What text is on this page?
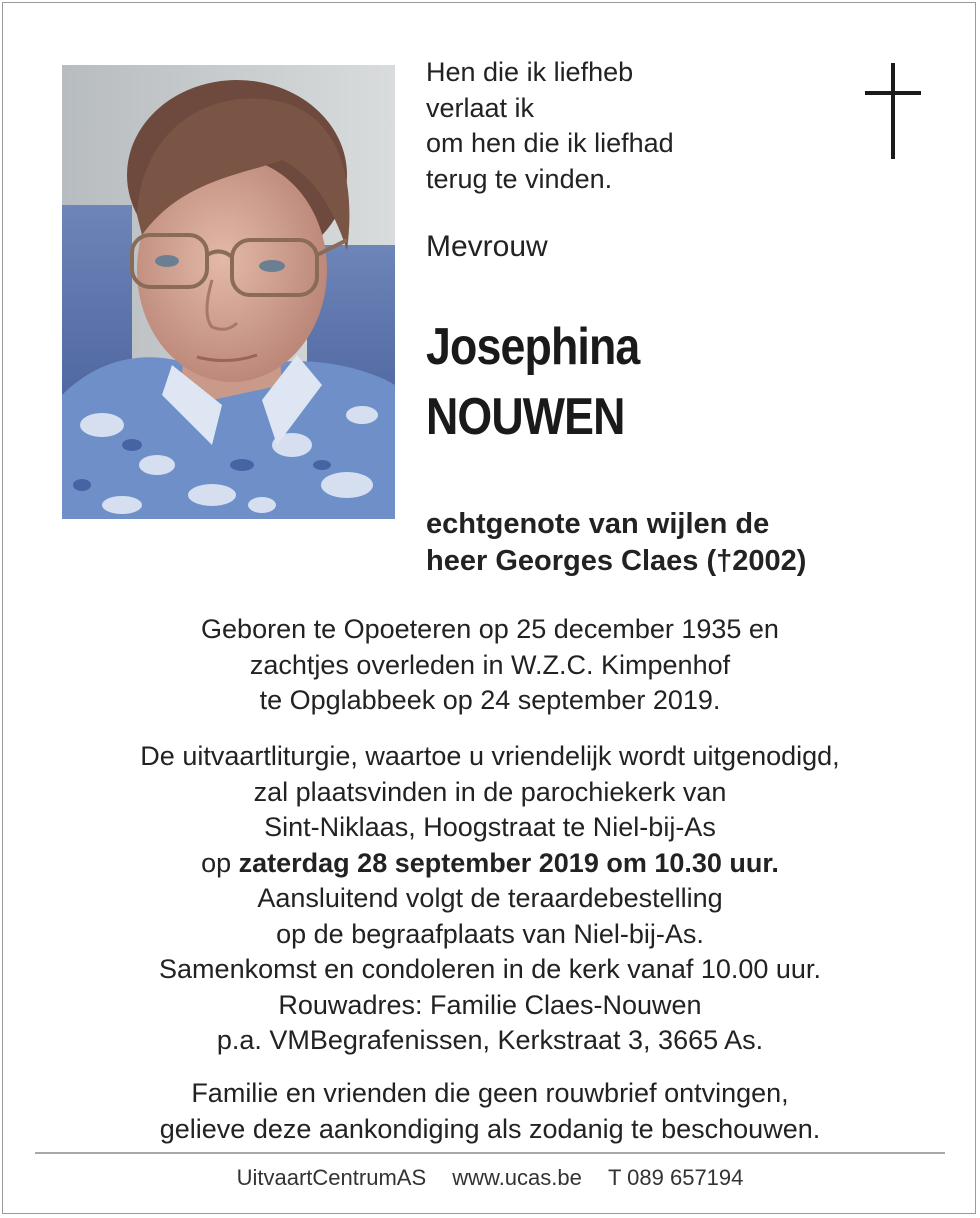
Hen die ik liefheb
verlaat ik
om hen die ik liefhad
terug te vinden.
Mevrouw
Josephina
NOUWEN
echtgenote van wijlen de
heer Georges Claes (†2002)
Geboren te Opoeteren op 25 december 1935 en
zachtjes overleden in W.Z.C. Kimpenhof
te Opglabbeek op 24 september 2019.
De uitvaartliturgie, waartoe u vriendelijk wordt uitgenodigd,
zal plaatsvinden in de parochiekerk van
Sint-Niklaas, Hoogstraat te Niel-bij-As
op zaterdag 28 september 2019 om 10.30 uur.
Aansluitend volgt de teraardebestelling
op de begraafplaats van Niel-bij-As.
Samenkomst en condoleren in de kerk vanaf 10.00 uur.
Rouwadres: Familie Claes-Nouwen
p.a. VMBegrafenissen, Kerkstraat 3, 3665 As.
Familie en vrienden die geen rouwbrief ontvingen,
gelieve deze aankondiging als zodanig te beschouwen.
UitvaartCentrumAS www.ucas.be T 089 657194
